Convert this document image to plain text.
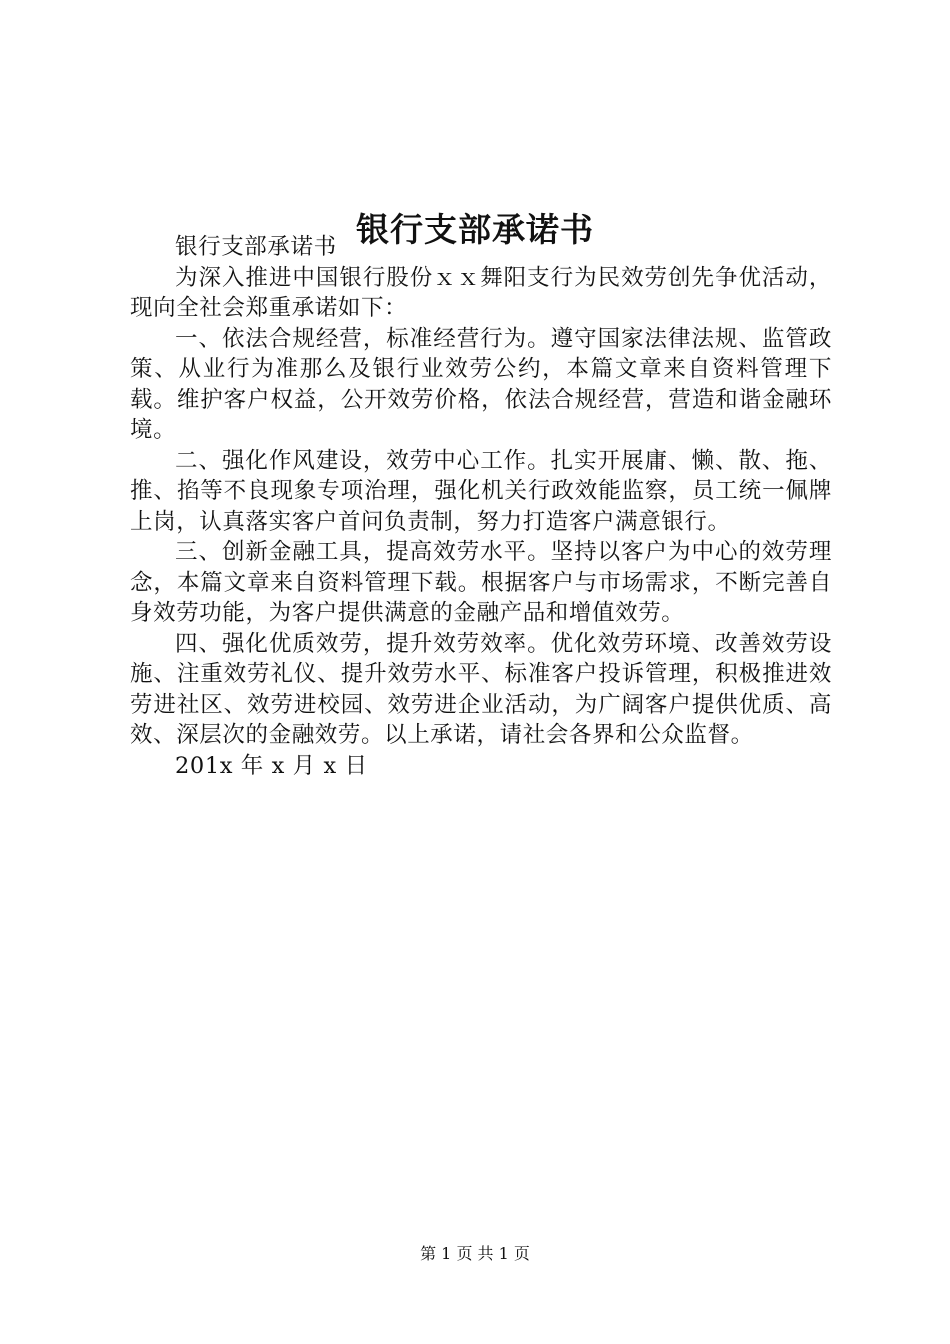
银行支部承诺书

银行支部承诺书

为深入推进中国银行股份ｘｘ舞阳支行为民效劳创先争优活动，现向全社会郑重承诺如下：

一、依法合规经营，标准经营行为。遵守国家法律法规、监管政策、从业行为准那么及银行业效劳公约，本篇文章来自资料管理下载。维护客户权益，公开效劳价格，依法合规经营，营造和谐金融环境。

二、强化作风建设，效劳中心工作。扎实开展庸、懒、散、拖、推、掐等不良现象专项治理，强化机关行政效能监察，员工统一佩牌上岗，认真落实客户首问负责制，努力打造客户满意银行。

三、创新金融工具，提高效劳水平。坚持以客户为中心的效劳理念，本篇文章来自资料管理下载。根据客户与市场需求，不断完善自身效劳功能，为客户提供满意的金融产品和增值效劳。

四、强化优质效劳，提升效劳效率。优化效劳环境、改善效劳设施、注重效劳礼仪、提升效劳水平、标准客户投诉管理，积极推进效劳进社区、效劳进校园、效劳进企业活动，为广阔客户提供优质、高效、深层次的金融效劳。以上承诺，请社会各界和公众监督。

201x 年 x 月 x 日

第 1 页 共 1 页
